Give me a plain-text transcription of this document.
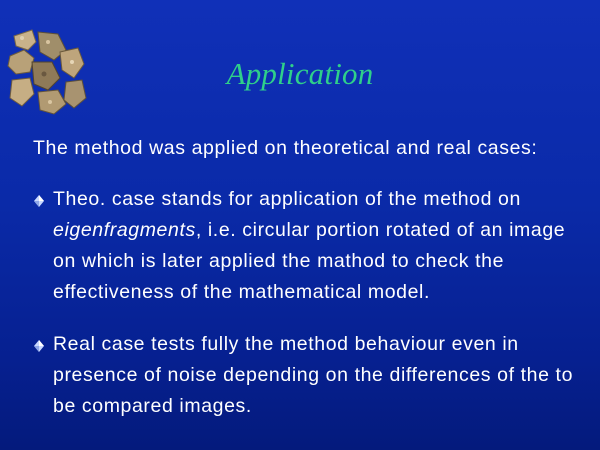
Application
The method was applied on theoretical and real cases:
Theo. case stands for application of the method on eigenfragments, i.e. circular portion rotated of an image on which is later applied the mathod to check the effectiveness of the mathematical model.
Real case tests fully the method behaviour even in presence of noise depending on the differences of the to be compared images.
